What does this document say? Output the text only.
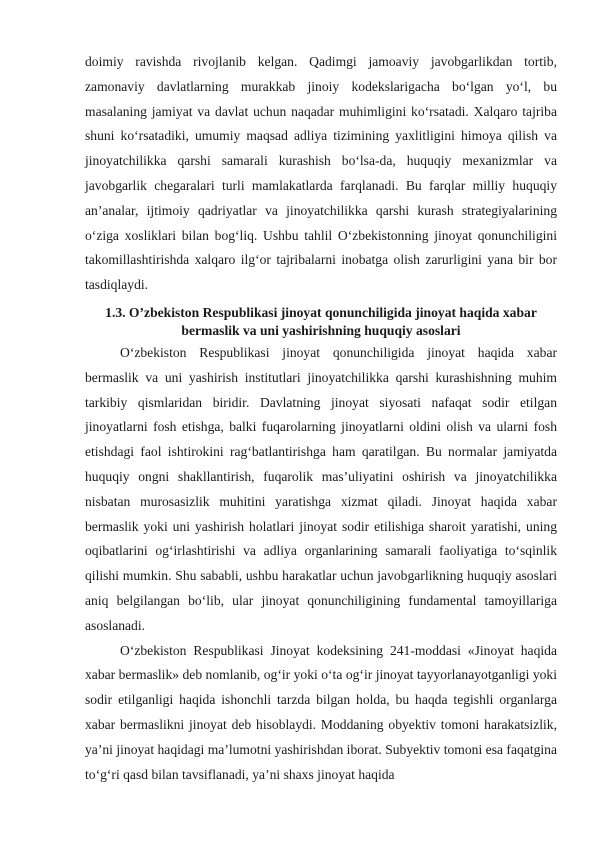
doimiy ravishda rivojlanib kelgan. Qadimgi jamoaviy javobgarlikdan tortib, zamonaviy davlatlarning murakkab jinoiy kodekslarigacha bo‘lgan yo‘l, bu masalaning jamiyat va davlat uchun naqadar muhimligini ko‘rsatadi. Xalqaro tajriba shuni ko‘rsatadiki, umumiy maqsad adliya tizimining yaxlitligini himoya qilish va jinoyatchilikka qarshi samarali kurashish bo‘lsa-da, huquqiy mexanizmlar va javobgarlik chegaralari turli mamlakatlarda farqlanadi. Bu farqlar milliy huquqiy an’analar, ijtimoiy qadriyatlar va jinoyatchilikka qarshi kurash strategiyalarining o‘ziga xosliklari bilan bog‘liq. Ushbu tahlil O‘zbekistonning jinoyat qonunchiligini takomillashtirishda xalqaro ilg‘or tajribalarni inobatga olish zarurligini yana bir bor tasdiqlaydi.

1.3. O’zbekiston Respublikasi jinoyat qonunchiligida jinoyat haqida xabar bermaslik va uni yashirishning huquqiy asoslari

O‘zbekiston Respublikasi jinoyat qonunchiligida jinoyat haqida xabar bermaslik va uni yashirish institutlari jinoyatchilikka qarshi kurashishning muhim tarkibiy qismlaridan biridir. Davlatning jinoyat siyosati nafaqat sodir etilgan jinoyatlarni fosh etishga, balki fuqarolarning jinoyatlarni oldini olish va ularni fosh etishdagi faol ishtirokini rag‘batlantirishga ham qaratilgan. Bu normalar jamiyatda huquqiy ongni shakllantirish, fuqarolik mas’uliyatini oshirish va jinoyatchilikka nisbatan murosasizlik muhitini yaratishga xizmat qiladi. Jinoyat haqida xabar bermaslik yoki uni yashirish holatlari jinoyat sodir etilishiga sharoit yaratishi, uning oqibatlarini og‘irlashtirishi va adliya organlarining samarali faoliyatiga to‘sqinlik qilishi mumkin. Shu sababli, ushbu harakatlar uchun javobgarlikning huquqiy asoslari aniq belgilangan bo‘lib, ular jinoyat qonunchiligining fundamental tamoyillariga asoslanadi.

O‘zbekiston Respublikasi Jinoyat kodeksining 241-moddasi «Jinoyat haqida xabar bermaslik» deb nomlanib, og‘ir yoki o‘ta og‘ir jinoyat tayyorlanayotganligi yoki sodir etilganligi haqida ishonchli tarzda bilgan holda, bu haqda tegishli organlarga xabar bermaslikni jinoyat deb hisoblaydi. Moddaning obyektiv tomoni harakatsizlik, ya’ni jinoyat haqidagi ma’lumotni yashirishdan iborat. Subyektiv tomoni esa faqatgina to‘g‘ri qasd bilan tavsiflanadi, ya’ni shaxs jinoyat haqida
